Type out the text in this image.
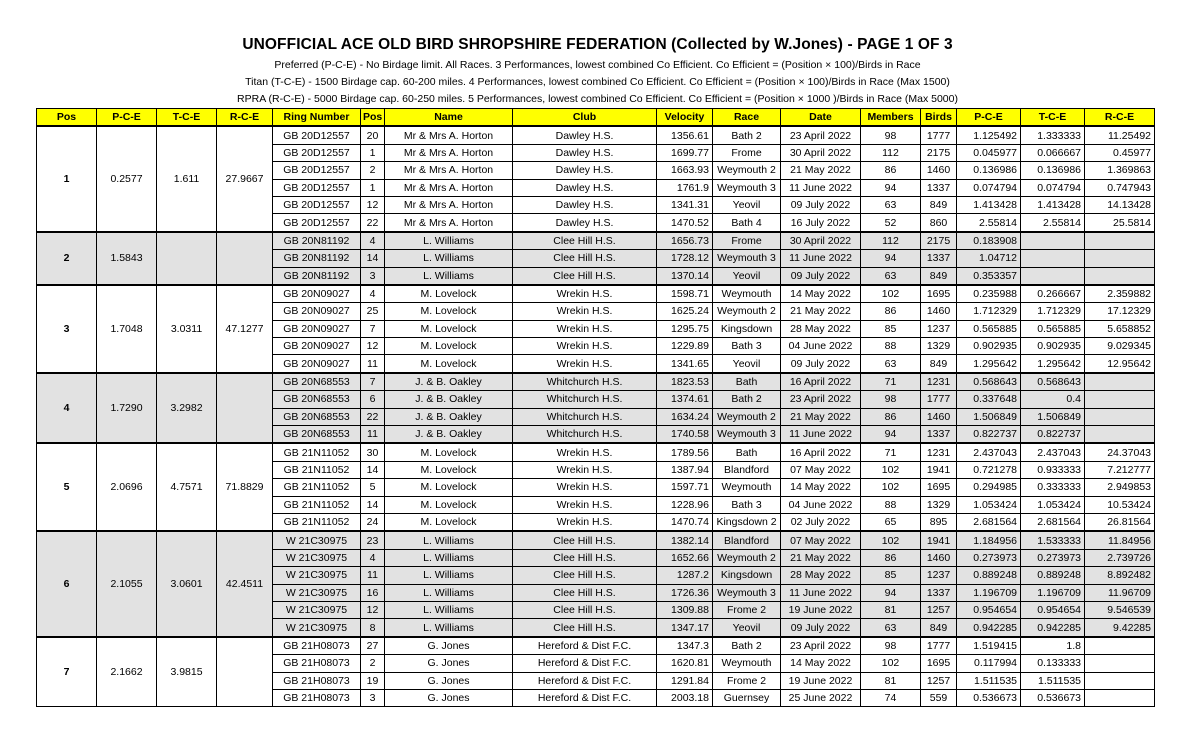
UNOFFICIAL ACE OLD BIRD SHROPSHIRE FEDERATION (Collected by W.Jones) - PAGE 1 OF 3
Preferred (P-C-E) - No Birdage limit. All Races. 3 Performances, lowest combined Co Efficient. Co Efficient = (Position × 100)/Birds in Race
Titan (T-C-E) - 1500 Birdage cap. 60-200 miles. 4 Performances, lowest combined Co Efficient. Co Efficient = (Position × 100)/Birds in Race (Max 1500)
RPRA (R-C-E) - 5000 Birdage cap. 60-250 miles. 5 Performances, lowest combined Co Efficient. Co Efficient = (Position × 1000 )/Birds in Race (Max 5000)
Pos	P-C-E	T-C-E	R-C-E	Ring Number	Pos	Name	Club	Velocity	Race	Date	Members	Birds	P-C-E	T-C-E	R-C-E
1	0.2577	1.611	27.9667	GB 20D12557	20	Mr & Mrs A. Horton	Dawley H.S.	1356.61	Bath 2	23 April 2022	98	1777	1.125492	1.333333	11.25492
				GB 20D12557	1	Mr & Mrs A. Horton	Dawley H.S.	1699.77	Frome	30 April 2022	112	2175	0.045977	0.066667	0.45977
				GB 20D12557	2	Mr & Mrs A. Horton	Dawley H.S.	1663.93	Weymouth 2	21 May 2022	86	1460	0.136986	0.136986	1.369863
				GB 20D12557	1	Mr & Mrs A. Horton	Dawley H.S.	1761.9	Weymouth 3	11 June 2022	94	1337	0.074794	0.074794	0.747943
				GB 20D12557	12	Mr & Mrs A. Horton	Dawley H.S.	1341.31	Yeovil	09 July 2022	63	849	1.413428	1.413428	14.13428
				GB 20D12557	22	Mr & Mrs A. Horton	Dawley H.S.	1470.52	Bath 4	16 July 2022	52	860	2.55814	2.55814	25.5814
2	1.5843			GB 20N81192	4	L. Williams	Clee Hill H.S.	1656.73	Frome	30 April 2022	112	2175	0.183908		
				GB 20N81192	14	L. Williams	Clee Hill H.S.	1728.12	Weymouth 3	11 June 2022	94	1337	1.04712		
				GB 20N81192	3	L. Williams	Clee Hill H.S.	1370.14	Yeovil	09 July 2022	63	849	0.353357		
3	1.7048	3.0311	47.1277	GB 20N09027	4	M. Lovelock	Wrekin H.S.	1598.71	Weymouth	14 May 2022	102	1695	0.235988	0.266667	2.359882
				GB 20N09027	25	M. Lovelock	Wrekin H.S.	1625.24	Weymouth 2	21 May 2022	86	1460	1.712329	1.712329	17.12329
				GB 20N09027	7	M. Lovelock	Wrekin H.S.	1295.75	Kingsdown	28 May 2022	85	1237	0.565885	0.565885	5.658852
				GB 20N09027	12	M. Lovelock	Wrekin H.S.	1229.89	Bath 3	04 June 2022	88	1329	0.902935	0.902935	9.029345
				GB 20N09027	11	M. Lovelock	Wrekin H.S.	1341.65	Yeovil	09 July 2022	63	849	1.295642	1.295642	12.95642
4	1.7290	3.2982		GB 20N68553	7	J. & B. Oakley	Whitchurch H.S.	1823.53	Bath	16 April 2022	71	1231	0.568643	0.568643	
				GB 20N68553	6	J. & B. Oakley	Whitchurch H.S.	1374.61	Bath 2	23 April 2022	98	1777	0.337648	0.4	
				GB 20N68553	22	J. & B. Oakley	Whitchurch H.S.	1634.24	Weymouth 2	21 May 2022	86	1460	1.506849	1.506849	
				GB 20N68553	11	J. & B. Oakley	Whitchurch H.S.	1740.58	Weymouth 3	11 June 2022	94	1337	0.822737	0.822737	
5	2.0696	4.7571	71.8829	GB 21N11052	30	M. Lovelock	Wrekin H.S.	1789.56	Bath	16 April 2022	71	1231	2.437043	2.437043	24.37043
				GB 21N11052	14	M. Lovelock	Wrekin H.S.	1387.94	Blandford	07 May 2022	102	1941	0.721278	0.933333	7.212777
				GB 21N11052	5	M. Lovelock	Wrekin H.S.	1597.71	Weymouth	14 May 2022	102	1695	0.294985	0.333333	2.949853
				GB 21N11052	14	M. Lovelock	Wrekin H.S.	1228.96	Bath 3	04 June 2022	88	1329	1.053424	1.053424	10.53424
				GB 21N11052	24	M. Lovelock	Wrekin H.S.	1470.74	Kingsdown 2	02 July 2022	65	895	2.681564	2.681564	26.81564
6	2.1055	3.0601	42.4511	W 21C30975	23	L. Williams	Clee Hill H.S.	1382.14	Blandford	07 May 2022	102	1941	1.184956	1.533333	11.84956
				W 21C30975	4	L. Williams	Clee Hill H.S.	1652.66	Weymouth 2	21 May 2022	86	1460	0.273973	0.273973	2.739726
				W 21C30975	11	L. Williams	Clee Hill H.S.	1287.2	Kingsdown	28 May 2022	85	1237	0.889248	0.889248	8.892482
				W 21C30975	16	L. Williams	Clee Hill H.S.	1726.36	Weymouth 3	11 June 2022	94	1337	1.196709	1.196709	11.96709
				W 21C30975	12	L. Williams	Clee Hill H.S.	1309.88	Frome 2	19 June 2022	81	1257	0.954654	0.954654	9.546539
				W 21C30975	8	L. Williams	Clee Hill H.S.	1347.17	Yeovil	09 July 2022	63	849	0.942285	0.942285	9.42285
7	2.1662	3.9815		GB 21H08073	27	G. Jones	Hereford & Dist F.C.	1347.3	Bath 2	23 April 2022	98	1777	1.519415	1.8	
				GB 21H08073	2	G. Jones	Hereford & Dist F.C.	1620.81	Weymouth	14 May 2022	102	1695	0.117994	0.133333	
				GB 21H08073	19	G. Jones	Hereford & Dist F.C.	1291.84	Frome 2	19 June 2022	81	1257	1.511535	1.511535	
				GB 21H08073	3	G. Jones	Hereford & Dist F.C.	2003.18	Guernsey	25 June 2022	74	559	0.536673	0.536673	
